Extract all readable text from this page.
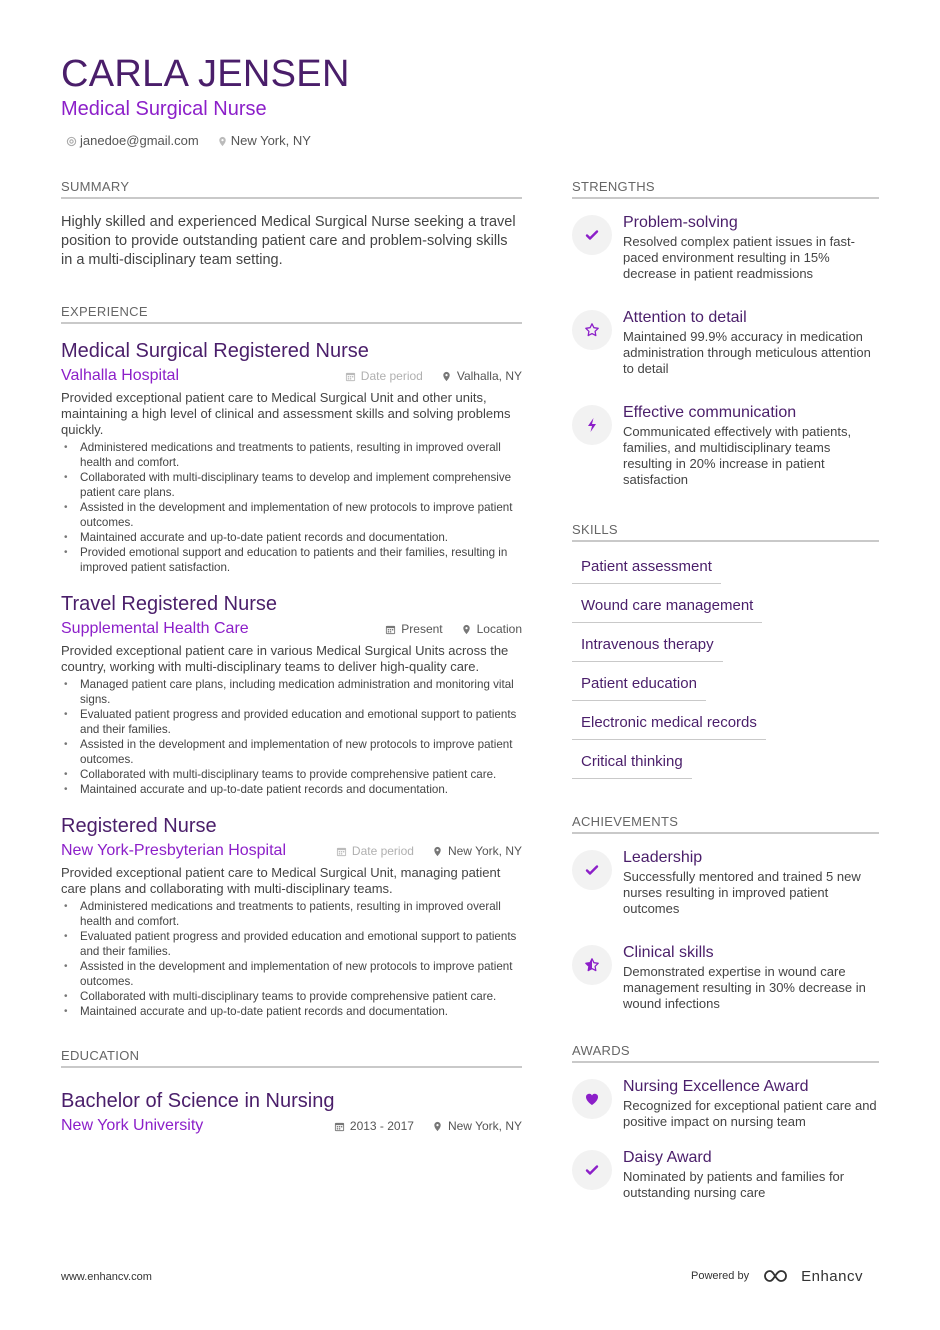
CARLA JENSEN
Medical Surgical Nurse
janedoe@gmail.com New York, NY
SUMMARY
Highly skilled and experienced Medical Surgical Nurse seeking a travel position to provide outstanding patient care and problem-solving skills in a multi-disciplinary team setting.
EXPERIENCE
Medical Surgical Registered Nurse
Valhalla Hospital	Date period	Valhalla, NY
Provided exceptional patient care to Medical Surgical Unit and other units, maintaining a high level of clinical and assessment skills and solving problems quickly.
• Administered medications and treatments to patients, resulting in improved overall health and comfort.
• Collaborated with multi-disciplinary teams to develop and implement comprehensive patient care plans.
• Assisted in the development and implementation of new protocols to improve patient outcomes.
• Maintained accurate and up-to-date patient records and documentation.
• Provided emotional support and education to patients and their families, resulting in improved patient satisfaction.
Travel Registered Nurse
Supplemental Health Care	Present	Location
Provided exceptional patient care in various Medical Surgical Units across the country, working with multi-disciplinary teams to deliver high-quality care.
• Managed patient care plans, including medication administration and monitoring vital signs.
• Evaluated patient progress and provided education and emotional support to patients and their families.
• Assisted in the development and implementation of new protocols to improve patient outcomes.
• Collaborated with multi-disciplinary teams to provide comprehensive patient care.
• Maintained accurate and up-to-date patient records and documentation.
Registered Nurse
New York-Presbyterian Hospital	Date period	New York, NY
Provided exceptional patient care to Medical Surgical Unit, managing patient care plans and collaborating with multi-disciplinary teams.
• Administered medications and treatments to patients, resulting in improved overall health and comfort.
• Evaluated patient progress and provided education and emotional support to patients and their families.
• Assisted in the development and implementation of new protocols to improve patient outcomes.
• Collaborated with multi-disciplinary teams to provide comprehensive patient care.
• Maintained accurate and up-to-date patient records and documentation.
EDUCATION
Bachelor of Science in Nursing
New York University	2013 - 2017	New York, NY
STRENGTHS
Problem-solving
Resolved complex patient issues in fast-paced environment resulting in 15% decrease in patient readmissions
Attention to detail
Maintained 99.9% accuracy in medication administration through meticulous attention to detail
Effective communication
Communicated effectively with patients, families, and multidisciplinary teams resulting in 20% increase in patient satisfaction
SKILLS
Patient assessment
Wound care management
Intravenous therapy
Patient education
Electronic medical records
Critical thinking
ACHIEVEMENTS
Leadership
Successfully mentored and trained 5 new nurses resulting in improved patient outcomes
Clinical skills
Demonstrated expertise in wound care management resulting in 30% decrease in wound infections
AWARDS
Nursing Excellence Award
Recognized for exceptional patient care and positive impact on nursing team
Daisy Award
Nominated by patients and families for outstanding nursing care
www.enhancv.com	Powered by	Enhancv
